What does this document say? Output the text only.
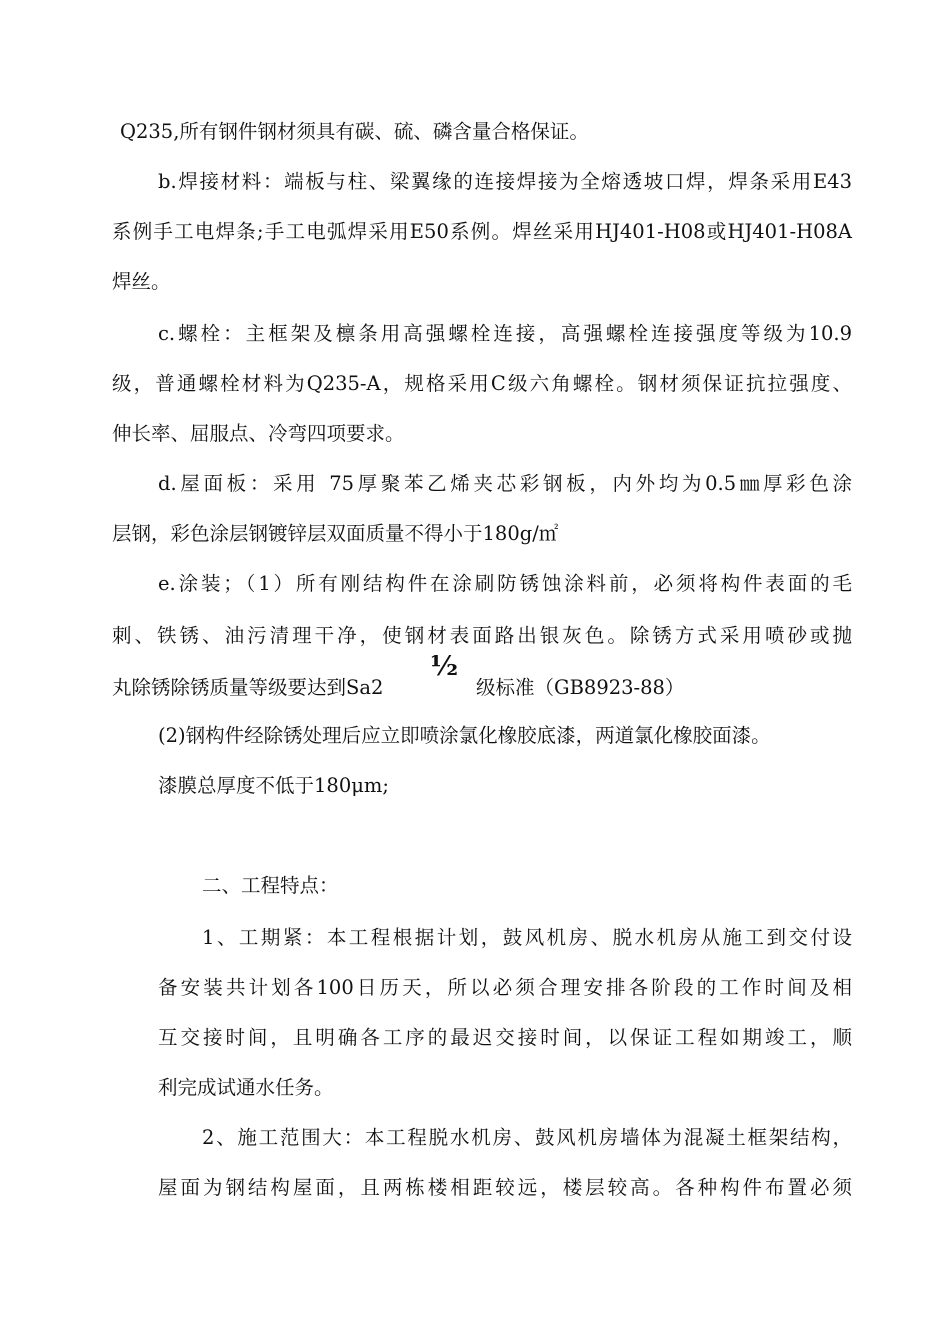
Q235,所有钢件钢材须具有碳、硫、磷含量合格保证。
b.焊接材料：端板与柱、梁翼缘的连接焊接为全熔透坡口焊，焊条采用E43
系例手工电焊条;手工电弧焊采用E50系例。焊丝采用HJ401-H08或HJ401-H08A
焊丝。
c.螺栓：主框架及檩条用高强螺栓连接，高强螺栓连接强度等级为10.9
级，普通螺栓材料为Q235-A，规格采用C级六角螺栓。钢材须保证抗拉强度、
伸长率、屈服点、冷弯四项要求。
d.屋面板：采用 75厚聚苯乙烯夹芯彩钢板，内外均为0.5㎜厚彩色涂
层钢，彩色涂层钢镀锌层双面质量不得小于180g/㎡
e.涂装；（1）所有刚结构件在涂刷防锈蚀涂料前，必须将构件表面的毛
刺、铁锈、油污清理干净，使钢材表面路出银灰色。除锈方式采用喷砂或抛
丸除锈除锈质量等级要达到Sa2
½
级标准（GB8923-88）
(2)钢构件经除锈处理后应立即喷涂氯化橡胶底漆，两道氯化橡胶面漆。
漆膜总厚度不低于180μm;
二、工程特点：
1、工期紧：本工程根据计划，鼓风机房、脱水机房从施工到交付设
备安装共计划各100日历天，所以必须合理安排各阶段的工作时间及相
互交接时间，且明确各工序的最迟交接时间，以保证工程如期竣工，顺
利完成试通水任务。
2、施工范围大：本工程脱水机房、鼓风机房墙体为混凝土框架结构，
屋面为钢结构屋面，且两栋楼相距较远，楼层较高。各种构件布置必须
